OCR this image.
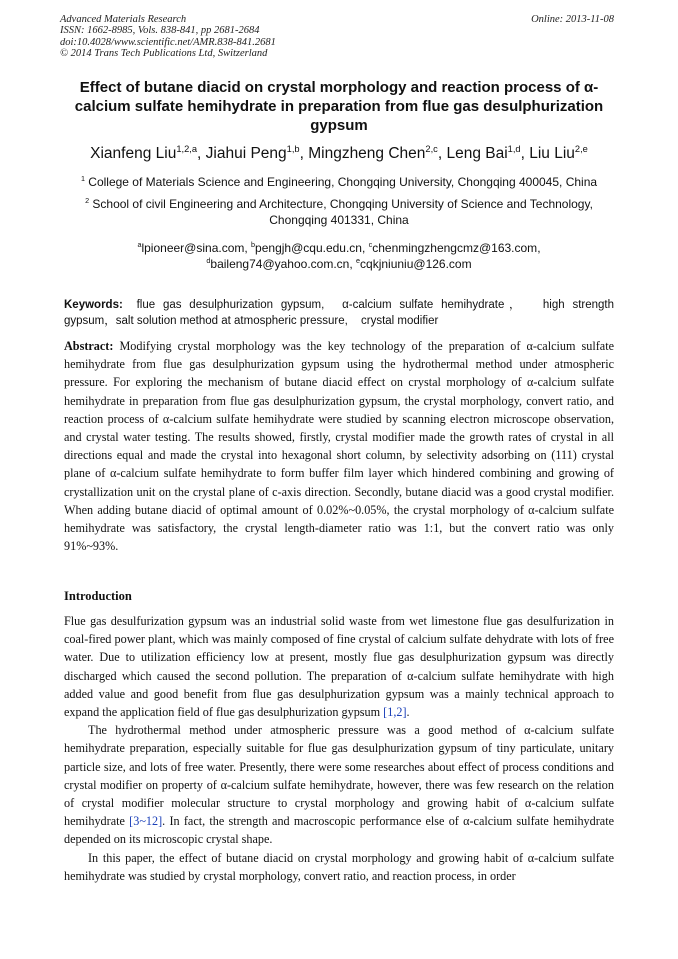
Advanced Materials Research
ISSN: 1662-8985, Vols. 838-841, pp 2681-2684
doi:10.4028/www.scientific.net/AMR.838-841.2681
© 2014 Trans Tech Publications Ltd, Switzerland
Online: 2013-11-08
Effect of butane diacid on crystal morphology and reaction process of α-calcium sulfate hemihydrate in preparation from flue gas desulphurization gypsum
Xianfeng Liu$^{1,2,a}$, Jiahui Peng$^{1,b}$, Mingzheng Chen$^{2,c}$, Leng Bai$^{1,d}$, Liu Liu$^{2,e}$
$^1$ College of Materials Science and Engineering, Chongqing University, Chongqing 400045, China
$^2$ School of civil Engineering and Architecture, Chongqing University of Science and Technology, Chongqing 401331, China
$^a$lpioneer@sina.com, $^b$pengjh@cqu.edu.cn, $^c$chenmingzhengcmz@163.com,
$^d$baileng74@yahoo.com.cn, $^e$cqkjniuniu@126.com
Keywords: flue gas desulphurization gypsum, α-calcium sulfate hemihydrate， high strength gypsum，salt solution method at atmospheric pressure, crystal modifier

Abstract: Modifying crystal morphology was the key technology of the preparation of α-calcium sulfate hemihydrate from flue gas desulphurization gypsum using the hydrothermal method under atmospheric pressure. For exploring the mechanism of butane diacid effect on crystal morphology of α-calcium sulfate hemihydrate in preparation from flue gas desulphurization gypsum, the crystal morphology, convert ratio, and reaction process of α-calcium sulfate hemihydrate were studied by scanning electron microscope observation, and crystal water testing. The results showed, firstly, crystal modifier made the growth rates of crystal in all directions equal and made the crystal into hexagonal short column, by selectivity adsorbing on (111) crystal plane of α-calcium sulfate hemihydrate to form buffer film layer which hindered combining and growing of crystallization unit on the crystal plane of c-axis direction. Secondly, butane diacid was a good crystal modifier. When adding butane diacid of optimal amount of 0.02%~0.05%, the crystal morphology of α-calcium sulfate hemihydrate was satisfactory, the crystal length-diameter ratio was 1:1, but the convert ratio was only 91%~93%.

Introduction

Flue gas desulfurization gypsum was an industrial solid waste from wet limestone flue gas desulfurization in coal-fired power plant, which was mainly composed of fine crystal of calcium sulfate dehydrate with lots of free water. Due to utilization efficiency low at present, mostly flue gas desulphurization gypsum was directly discharged which caused the second pollution. The preparation of α-calcium sulfate hemihydrate with high added value and good benefit from flue gas desulphurization gypsum was a mainly technical approach to expand the application field of flue gas desulphurization gypsum [1,2].

The hydrothermal method under atmospheric pressure was a good method of α-calcium sulfate hemihydrate preparation, especially suitable for flue gas desulphurization gypsum of tiny particulate, unitary particle size, and lots of free water. Presently, there were some researches about effect of process conditions and crystal modifier on property of α-calcium sulfate hemihydrate, however, there was few research on the relation of crystal modifier molecular structure to crystal morphology and growing habit of α-calcium sulfate hemihydrate [3~12]. In fact, the strength and macroscopic performance else of α-calcium sulfate hemihydrate depended on its microscopic crystal shape.

In this paper, the effect of butane diacid on crystal morphology and growing habit of α-calcium sulfate hemihydrate was studied by crystal morphology, convert ratio, and reaction process, in order
